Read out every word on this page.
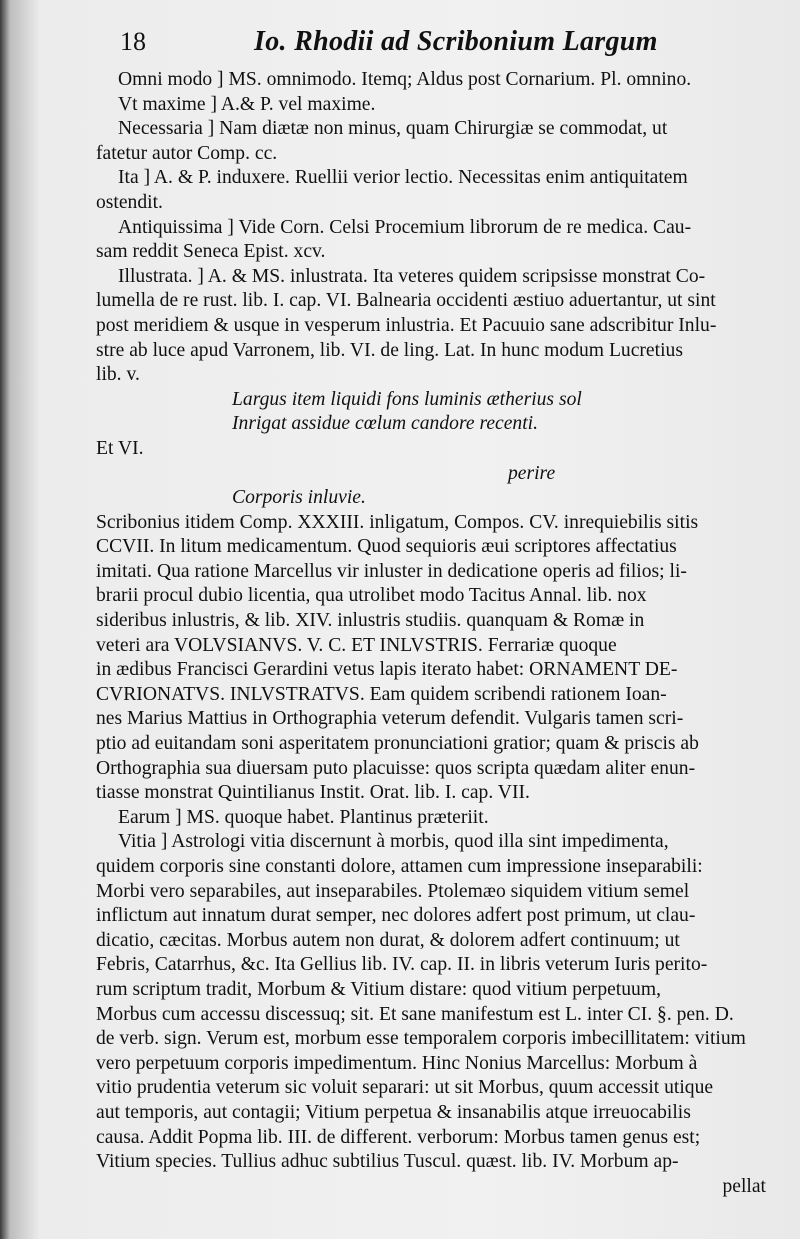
18	Io. Rhodii ad Scribonium Largum
Omni modo ] MS. omnimodo. Itemq; Aldus post Cornarium. Pl. omnino.
Vt maxime ] A.& P. vel maxime.
Necessaria ] Nam diætæ non minus, quam Chirurgiæ se commodat, ut
fatetur autor Comp. cc.
Ita ] A. & P. induxere. Ruellii verior lectio. Necessitas enim antiquitatem
ostendit.
Antiquissima ] Vide Corn. Celsi Procemium librorum de re medica. Cau-
sam reddit Seneca Epist. xcv.
Illustrata. ] A. & MS. inlustrata. Ita veteres quidem scripsisse monstrat Co-
lumella de re rust. lib. I. cap. VI. Balnearia occidenti æstiuo aduertantur, ut sint
post meridiem & usque in vesperum inlustria. Et Pacuuio sane adscribitur Inlu-
stre ab luce apud Varronem, lib. VI. de ling. Lat. In hunc modum Lucretius
lib. v.
Largus item liquidi fons luminis ætherius sol
Inrigat assidue cœlum candore recenti.
Et VI.
perire
Corporis inluvie.
Scribonius itidem Comp. XXXIII. inligatum, Compos. CV. inrequiebilis sitis
CCVII. In litum medicamentum. Quod sequioris æui scriptores affectatius
imitati. Qua ratione Marcellus vir inluster in dedicatione operis ad filios; li-
brarii procul dubio licentia, qua utrolibet modo Tacitus Annal. lib. nox
sideribus inlustris, & lib. XIV. inlustris studiis. quanquam & Romæ in
veteri ara VOLVSIANVS. V. C. ET INLVSTRIS. Ferrariæ quoque
in ædibus Francisci Gerardini vetus lapis iterato habet: ORNAMENT DE-
CVRIONATVS. INLVSTRATVS. Eam quidem scribendi rationem Ioan-
nes Marius Mattius in Orthographia veterum defendit. Vulgaris tamen scri-
ptio ad euitandam soni asperitatem pronunciationi gratior; quam & priscis ab
Orthographia sua diuersam puto placuisse: quos scripta quædam aliter enun-
tiasse monstrat Quintilianus Instit. Orat. lib. I. cap. VII.
Earum ] MS. quoque habet. Plantinus præteriit.
Vitia ] Astrologi vitia discernunt à morbis, quod illa sint impedimenta,
quidem corporis sine constanti dolore, attamen cum impressione inseparabili:
Morbi vero separabiles, aut inseparabiles. Ptolemæo siquidem vitium semel
inflictum aut innatum durat semper, nec dolores adfert post primum, ut clau-
dicatio, cæcitas. Morbus autem non durat, & dolorem adfert continuum; ut
Febris, Catarrhus, &c. Ita Gellius lib. IV. cap. II. in libris veterum Iuris perito-
rum scriptum tradit, Morbum & Vitium distare: quod vitium perpetuum,
Morbus cum accessu discessuq; sit. Et sane manifestum est L. inter CI. §. pen. D.
de verb. sign. Verum est, morbum esse temporalem corporis imbecillitatem: vitium
vero perpetuum corporis impedimentum. Hinc Nonius Marcellus: Morbum à
vitio prudentia veterum sic voluit separari: ut sit Morbus, quum accessit utique
aut temporis, aut contagii; Vitium perpetua & insanabilis atque irreuocabilis
causa. Addit Popma lib. III. de different. verborum: Morbus tamen genus est;
Vitium species. Tullius adhuc subtilius Tuscul. quæst. lib. IV. Morbum ap-
pellat
